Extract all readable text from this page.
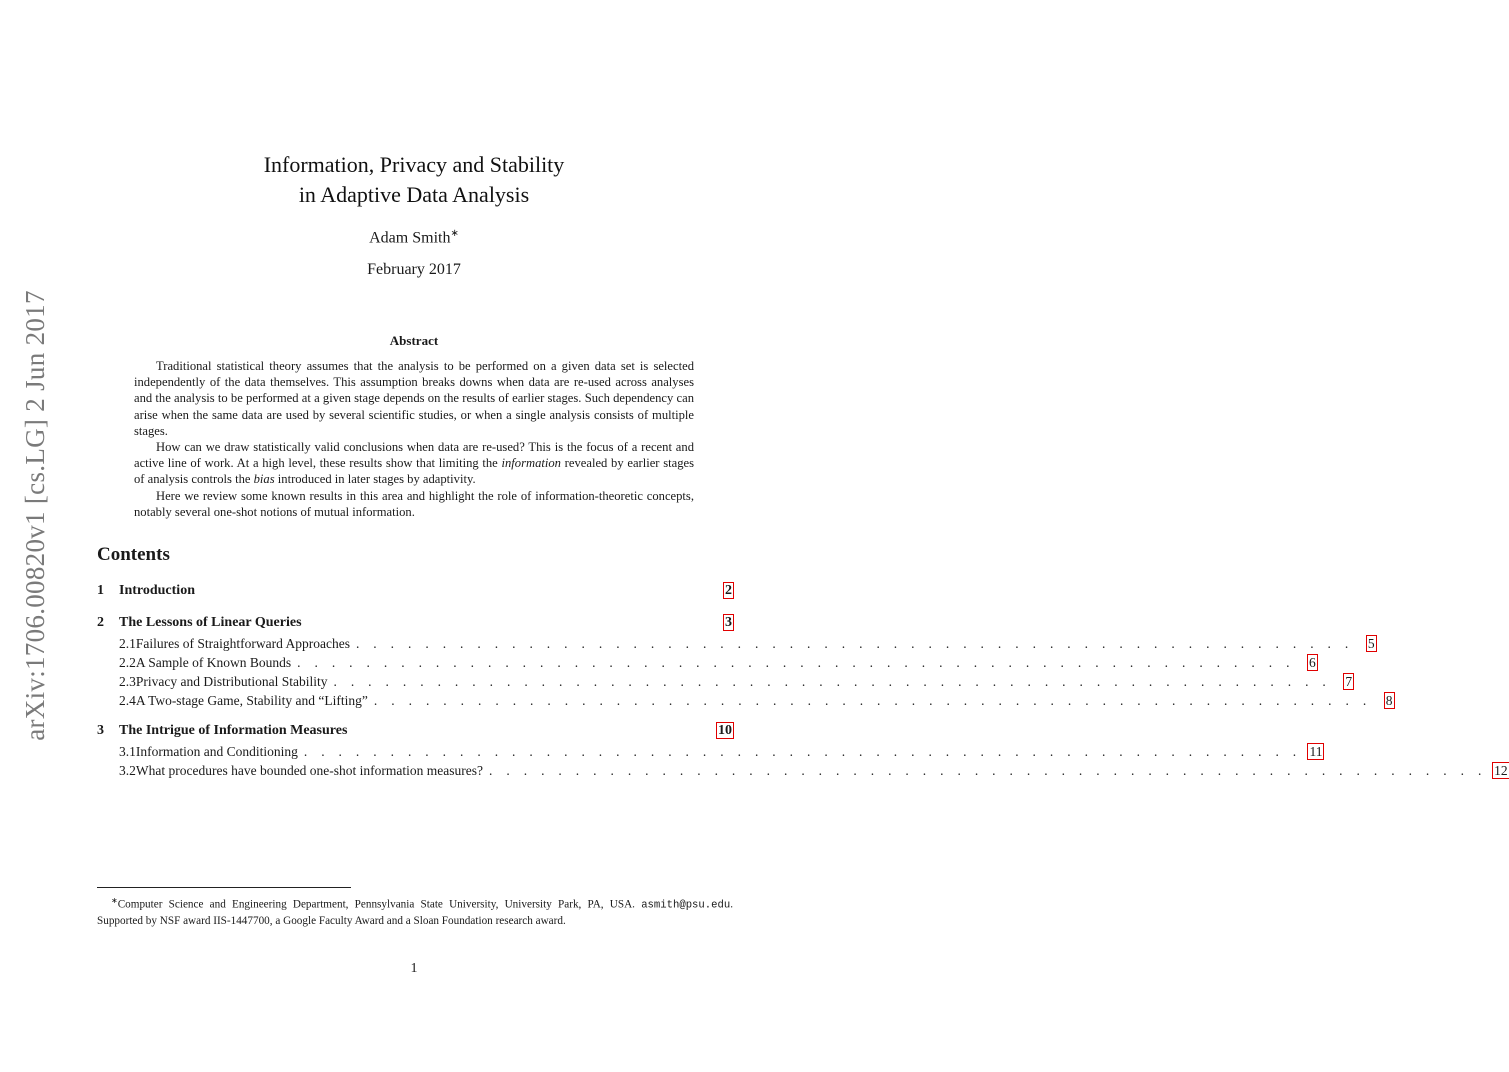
arXiv:1706.00820v1 [cs.LG] 2 Jun 2017
Information, Privacy and Stability
in Adaptive Data Analysis
Adam Smith∗
February 2017
Abstract

Traditional statistical theory assumes that the analysis to be performed on a given data set is selected independently of the data themselves. This assumption breaks downs when data are re-used across analyses and the analysis to be performed at a given stage depends on the results of earlier stages. Such dependency can arise when the same data are used by several scientific studies, or when a single analysis consists of multiple stages.

How can we draw statistically valid conclusions when data are re-used? This is the focus of a recent and active line of work. At a high level, these results show that limiting the information revealed by earlier stages of analysis controls the bias introduced in later stages by adaptivity.

Here we review some known results in this area and highlight the role of information-theoretic concepts, notably several one-shot notions of mutual information.

Contents
1	Introduction	2
2	The Lessons of Linear Queries	3
2.1 Failures of Straightforward Approaches . . . . . . . . . . . . . . . . . . . . . . . . . . . . . . . . . . . . . . . . . . . . . . . . . . . . . . . . . .	5
2.2 A Sample of Known Bounds . . . . . . . . . . . . . . . . . . . . . . . . . . . . . . . . . . . . . . . . . . . . . . . . . . . . . . . . . .	6
2.3 Privacy and Distributional Stability . . . . . . . . . . . . . . . . . . . . . . . . . . . . . . . . . . . . . . . . . . . . . . . . . . . . . . . . . .	7
2.4 A Two-stage Game, Stability and “Lifting” . . . . . . . . . . . . . . . . . . . . . . . . . . . . . . . . . . . . . . . . . . . . . . . . . . . . . . . . . .	8
3	The Intrigue of Information Measures	10
3.1 Information and Conditioning . . . . . . . . . . . . . . . . . . . . . . . . . . . . . . . . . . . . . . . . . . . . . . . . . . . . . . . . . . 11
3.2 What procedures have bounded one-shot information measures? . . . . . . . . . . . . . . . . . . . . . . . . . . . . . . . . . . . . . . . . . . . . . . . . . . . . . . . . . . 12

∗Computer Science and Engineering Department, Pennsylvania State University, University Park, PA, USA. asmith@psu.edu. Supported by NSF award IIS-1447700, a Google Faculty Award and a Sloan Foundation research award.

1
